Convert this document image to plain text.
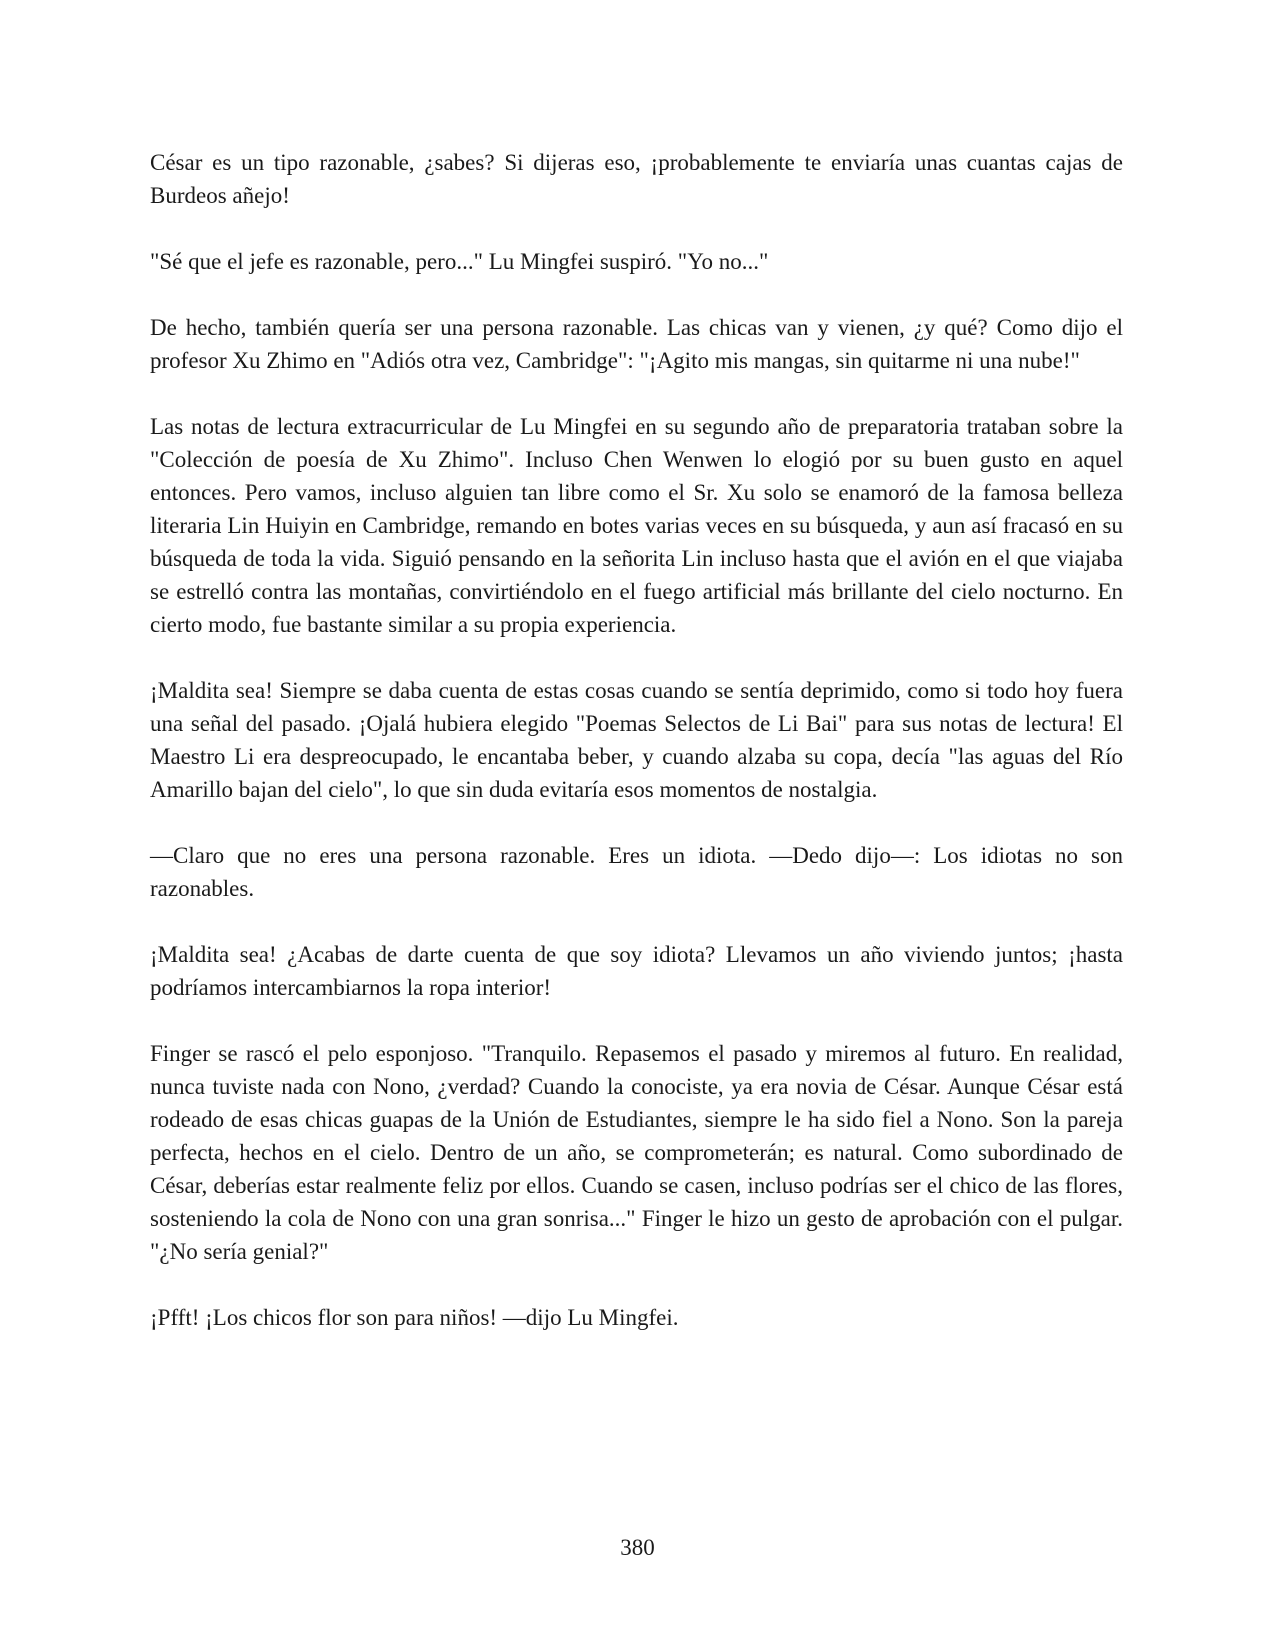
César es un tipo razonable, ¿sabes? Si dijeras eso, ¡probablemente te enviaría unas cuantas cajas de Burdeos añejo!

"Sé que el jefe es razonable, pero..." Lu Mingfei suspiró. "Yo no..."

De hecho, también quería ser una persona razonable. Las chicas van y vienen, ¿y qué? Como dijo el profesor Xu Zhimo en "Adiós otra vez, Cambridge": "¡Agito mis mangas, sin quitarme ni una nube!"

Las notas de lectura extracurricular de Lu Mingfei en su segundo año de preparatoria trataban sobre la "Colección de poesía de Xu Zhimo". Incluso Chen Wenwen lo elogió por su buen gusto en aquel entonces. Pero vamos, incluso alguien tan libre como el Sr. Xu solo se enamoró de la famosa belleza literaria Lin Huiyin en Cambridge, remando en botes varias veces en su búsqueda, y aun así fracasó en su búsqueda de toda la vida. Siguió pensando en la señorita Lin incluso hasta que el avión en el que viajaba se estrelló contra las montañas, convirtiéndolo en el fuego artificial más brillante del cielo nocturno. En cierto modo, fue bastante similar a su propia experiencia.

¡Maldita sea! Siempre se daba cuenta de estas cosas cuando se sentía deprimido, como si todo hoy fuera una señal del pasado. ¡Ojalá hubiera elegido "Poemas Selectos de Li Bai" para sus notas de lectura! El Maestro Li era despreocupado, le encantaba beber, y cuando alzaba su copa, decía "las aguas del Río Amarillo bajan del cielo", lo que sin duda evitaría esos momentos de nostalgia.

—Claro que no eres una persona razonable. Eres un idiota. —Dedo dijo—: Los idiotas no son razonables.

¡Maldita sea! ¿Acabas de darte cuenta de que soy idiota? Llevamos un año viviendo juntos; ¡hasta podríamos intercambiarnos la ropa interior!

Finger se rascó el pelo esponjoso. "Tranquilo. Repasemos el pasado y miremos al futuro. En realidad, nunca tuviste nada con Nono, ¿verdad? Cuando la conociste, ya era novia de César. Aunque César está rodeado de esas chicas guapas de la Unión de Estudiantes, siempre le ha sido fiel a Nono. Son la pareja perfecta, hechos en el cielo. Dentro de un año, se comprometerán; es natural. Como subordinado de César, deberías estar realmente feliz por ellos. Cuando se casen, incluso podrías ser el chico de las flores, sosteniendo la cola de Nono con una gran sonrisa..." Finger le hizo un gesto de aprobación con el pulgar. "¿No sería genial?"

¡Pfft! ¡Los chicos flor son para niños! —dijo Lu Mingfei.

380
